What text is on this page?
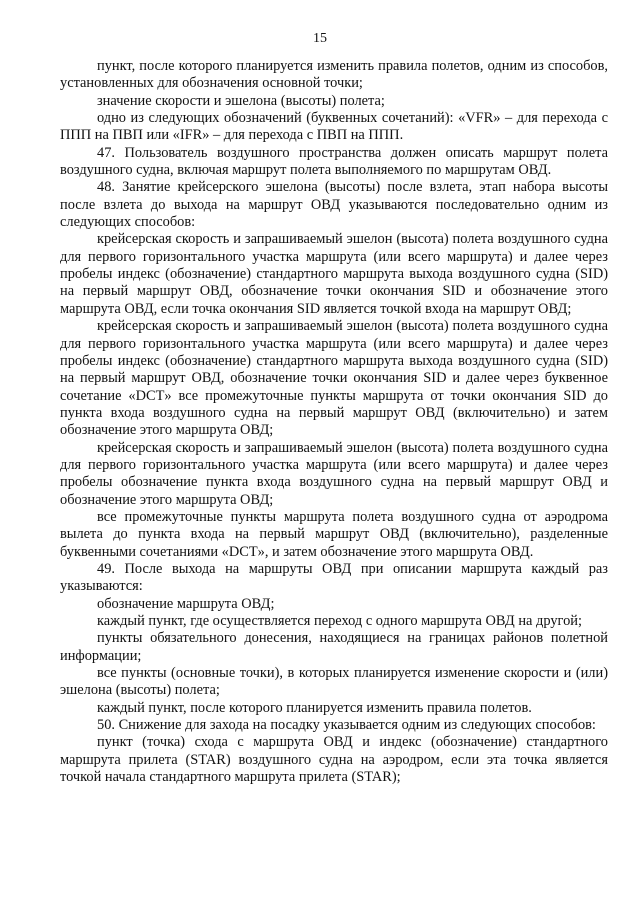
15

пункт, после которого планируется изменить правила полетов, одним из способов, установленных для обозначения основной точки;

значение скорости и эшелона (высоты) полета;

одно из следующих обозначений (буквенных сочетаний): «VFR» – для перехода с ППП на ПВП или «IFR» – для перехода с ПВП на ППП.

47. Пользователь воздушного пространства должен описать маршрут полета воздушного судна, включая маршрут полета выполняемого по маршрутам ОВД.

48. Занятие крейсерского эшелона (высоты) после взлета, этап набора высоты после взлета до выхода на маршрут ОВД указываются последовательно одним из следующих способов:

крейсерская скорость и запрашиваемый эшелон (высота) полета воздушного судна для первого горизонтального участка маршрута (или всего маршрута) и далее через пробелы индекс (обозначение) стандартного маршрута выхода воздушного судна (SID) на первый маршрут ОВД, обозначение точки окончания SID и обозначение этого маршрута ОВД, если точка окончания SID является точкой входа на маршрут ОВД;

крейсерская скорость и запрашиваемый эшелон (высота) полета воздушного судна для первого горизонтального участка маршрута (или всего маршрута) и далее через пробелы индекс (обозначение) стандартного маршрута выхода воздушного судна (SID) на первый маршрут ОВД, обозначение точки окончания SID и далее через буквенное сочетание «DCT» все промежуточные пункты маршрута от точки окончания SID до пункта входа воздушного судна на первый маршрут ОВД (включительно) и затем обозначение этого маршрута ОВД;

крейсерская скорость и запрашиваемый эшелон (высота) полета воздушного судна для первого горизонтального участка маршрута (или всего маршрута) и далее через пробелы обозначение пункта входа воздушного судна на первый маршрут ОВД и обозначение этого маршрута ОВД;

все промежуточные пункты маршрута полета воздушного судна от аэродрома вылета до пункта входа на первый маршрут ОВД (включительно), разделенные буквенными сочетаниями «DCT», и затем обозначение этого маршрута ОВД.

49. После выхода на маршруты ОВД при описании маршрута каждый раз указываются:

обозначение маршрута ОВД;

каждый пункт, где осуществляется переход с одного маршрута ОВД на другой;

пункты обязательного донесения, находящиеся на границах районов полетной информации;

все пункты (основные точки), в которых планируется изменение скорости и (или) эшелона (высоты) полета;

каждый пункт, после которого планируется изменить правила полетов.

50. Снижение для захода на посадку указывается одним из следующих способов:

пункт (точка) схода с маршрута ОВД и индекс (обозначение) стандартного маршрута прилета (STAR) воздушного судна на аэродром, если эта точка является точкой начала стандартного маршрута прилета (STAR);
